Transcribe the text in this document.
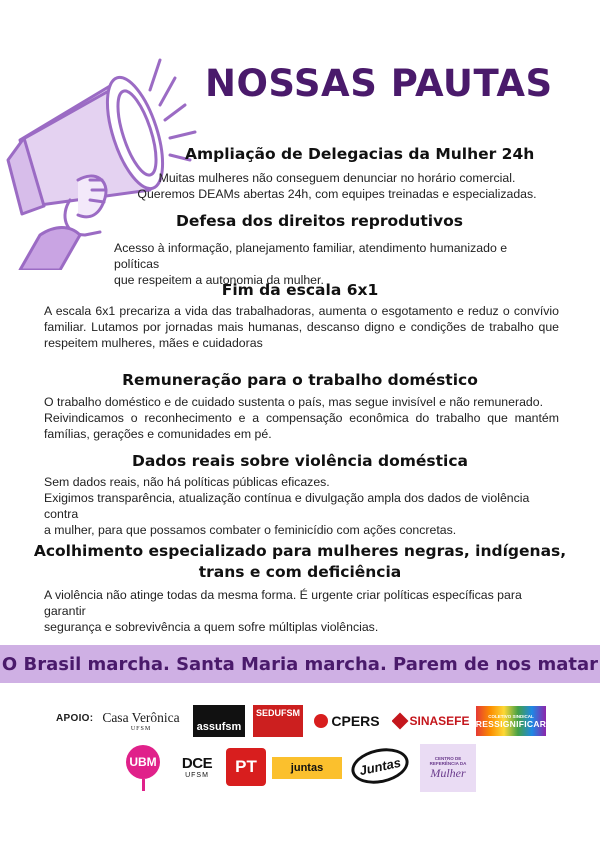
NOSSAS PAUTAS
Ampliação de Delegacias da Mulher 24h
Muitas mulheres não conseguem denunciar no horário comercial.
Queremos DEAMs abertas 24h, com equipes treinadas e especializadas.
Defesa dos direitos reprodutivos
Acesso à informação, planejamento familiar, atendimento humanizado e políticas
que respeitem a autonomia da mulher.
Fim da escala 6x1
A escala 6x1 precariza a vida das trabalhadoras, aumenta o esgotamento e reduz o convívio
familiar. Lutamos por jornadas mais humanas, descanso digno e condições de trabalho que
respeitem mulheres, mães e cuidadoras
Remuneração para o trabalho doméstico
O trabalho doméstico e de cuidado sustenta o país, mas segue invisível e não remunerado.
Reivindicamos o reconhecimento e a compensação econômica do trabalho que mantém
famílias, gerações e comunidades em pé.
Dados reais sobre violência doméstica
Sem dados reais, não há políticas públicas eficazes.
Exigimos transparência, atualização contínua e divulgação ampla dos dados de violência contra
a mulher, para que possamos combater o feminicídio com ações concretas.
Acolhimento especializado para mulheres negras, indígenas,
trans e com deficiência
A violência não atinge todas da mesma forma. É urgente criar políticas específicas para garantir
segurança e sobrevivência a quem sofre múltiplas violências.
O Brasil marcha. Santa Maria marcha. Parem de nos matar
APOIO: Casa Verônica
UFSM	assufsm
SEDUFSM CPERS SINASEFE	COLETIVO SINDICAL
RESSIGNIFICAR
UBM DCE
UFSM PT	juntas	Juntas	CENTRO DE REFERÊNCIA DA
Mulher
